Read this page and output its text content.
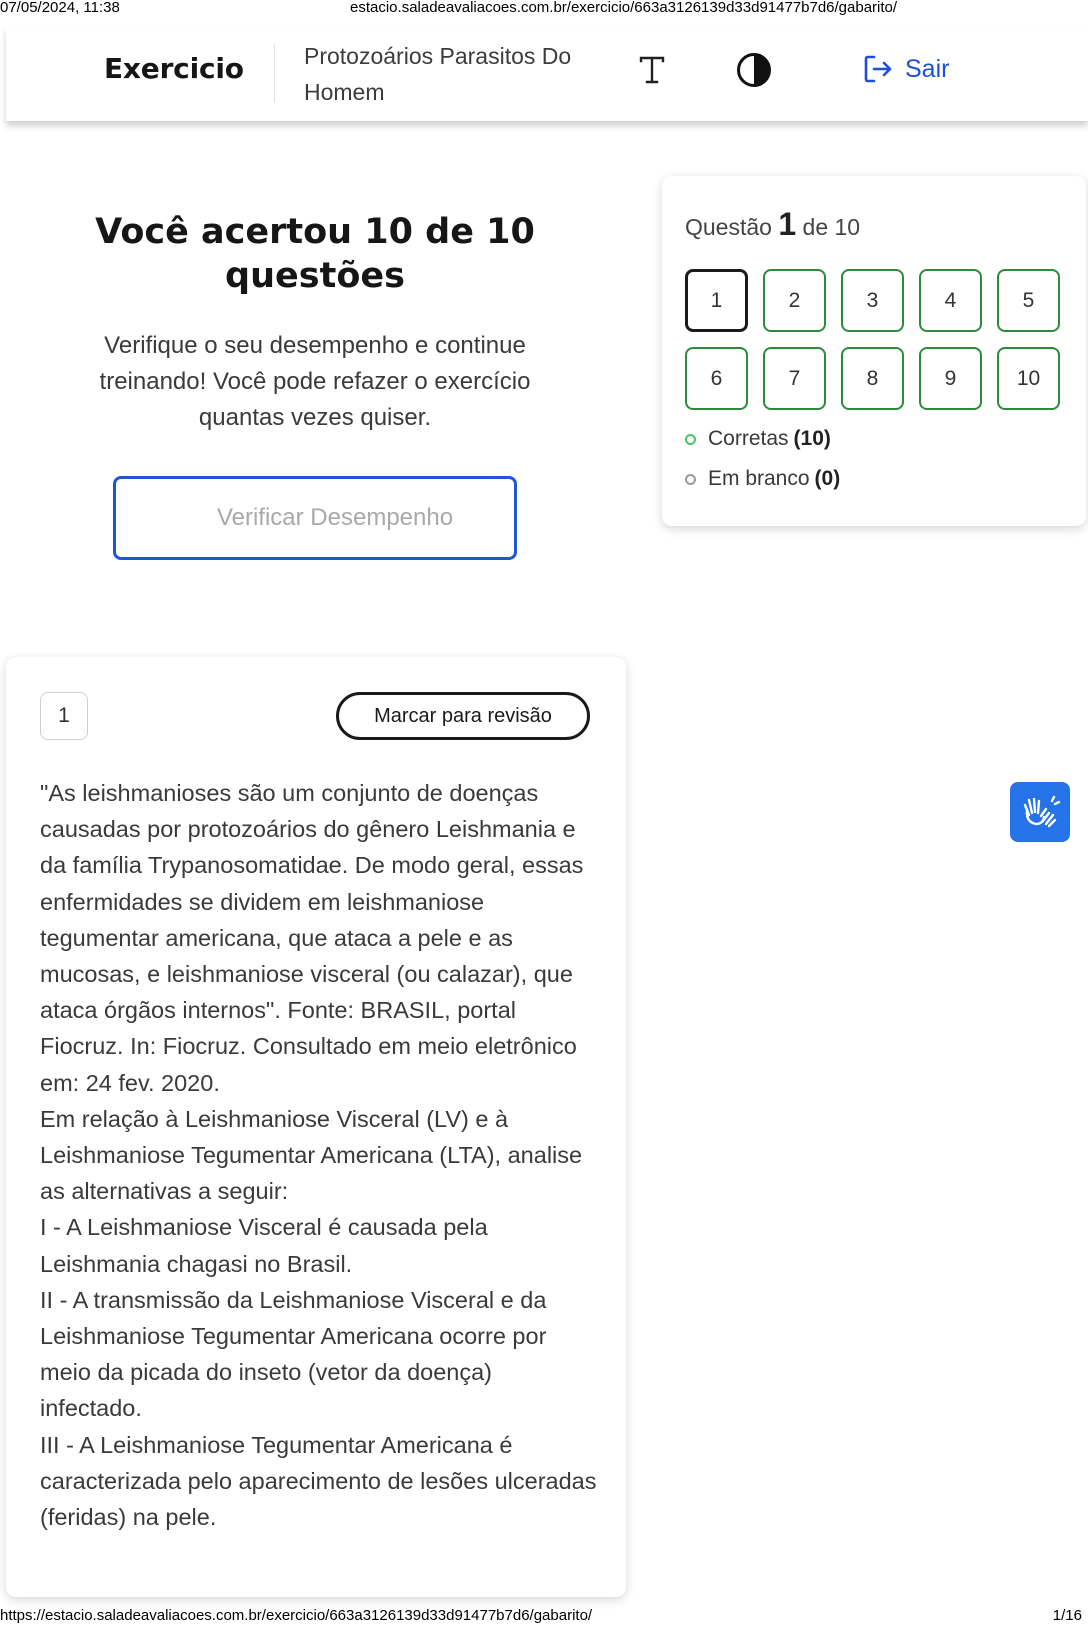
07/05/2024, 11:38	estacio.saladeavaliacoes.com.br/exercicio/663a3126139d33d91477b7d6/gabarito/
Exercicio	Protozoários Parasitos Do Homem
Sair
Você acertou 10 de 10 questões

Verifique o seu desempenho e continue treinando! Você pode refazer o exercício quantas vezes quiser.

Verificar Desempenho
Questão 1 de 10
1	2	3	4	5
6	7	8	9	10
Corretas (10)
Em branco (0)
1	Marcar para revisão

"As leishmanioses são um conjunto de doenças causadas por protozoários do gênero Leishmania e da família Trypanosomatidae. De modo geral, essas enfermidades se dividem em leishmaniose tegumentar americana, que ataca a pele e as mucosas, e leishmaniose visceral (ou calazar), que ataca órgãos internos". Fonte: BRASIL, portal Fiocruz. In: Fiocruz. Consultado em meio eletrônico em: 24 fev. 2020.

Em relação à Leishmaniose Visceral (LV) e à Leishmaniose Tegumentar Americana (LTA), analise as alternativas a seguir:

I - A Leishmaniose Visceral é causada pela Leishmania chagasi no Brasil.

II - A transmissão da Leishmaniose Visceral e da Leishmaniose Tegumentar Americana ocorre por meio da picada do inseto (vetor da doença) infectado.

III - A Leishmaniose Tegumentar Americana é caracterizada pelo aparecimento de lesões ulceradas (feridas) na pele.

https://estacio.saladeavaliacoes.com.br/exercicio/663a3126139d33d91477b7d6/gabarito/	1/16
